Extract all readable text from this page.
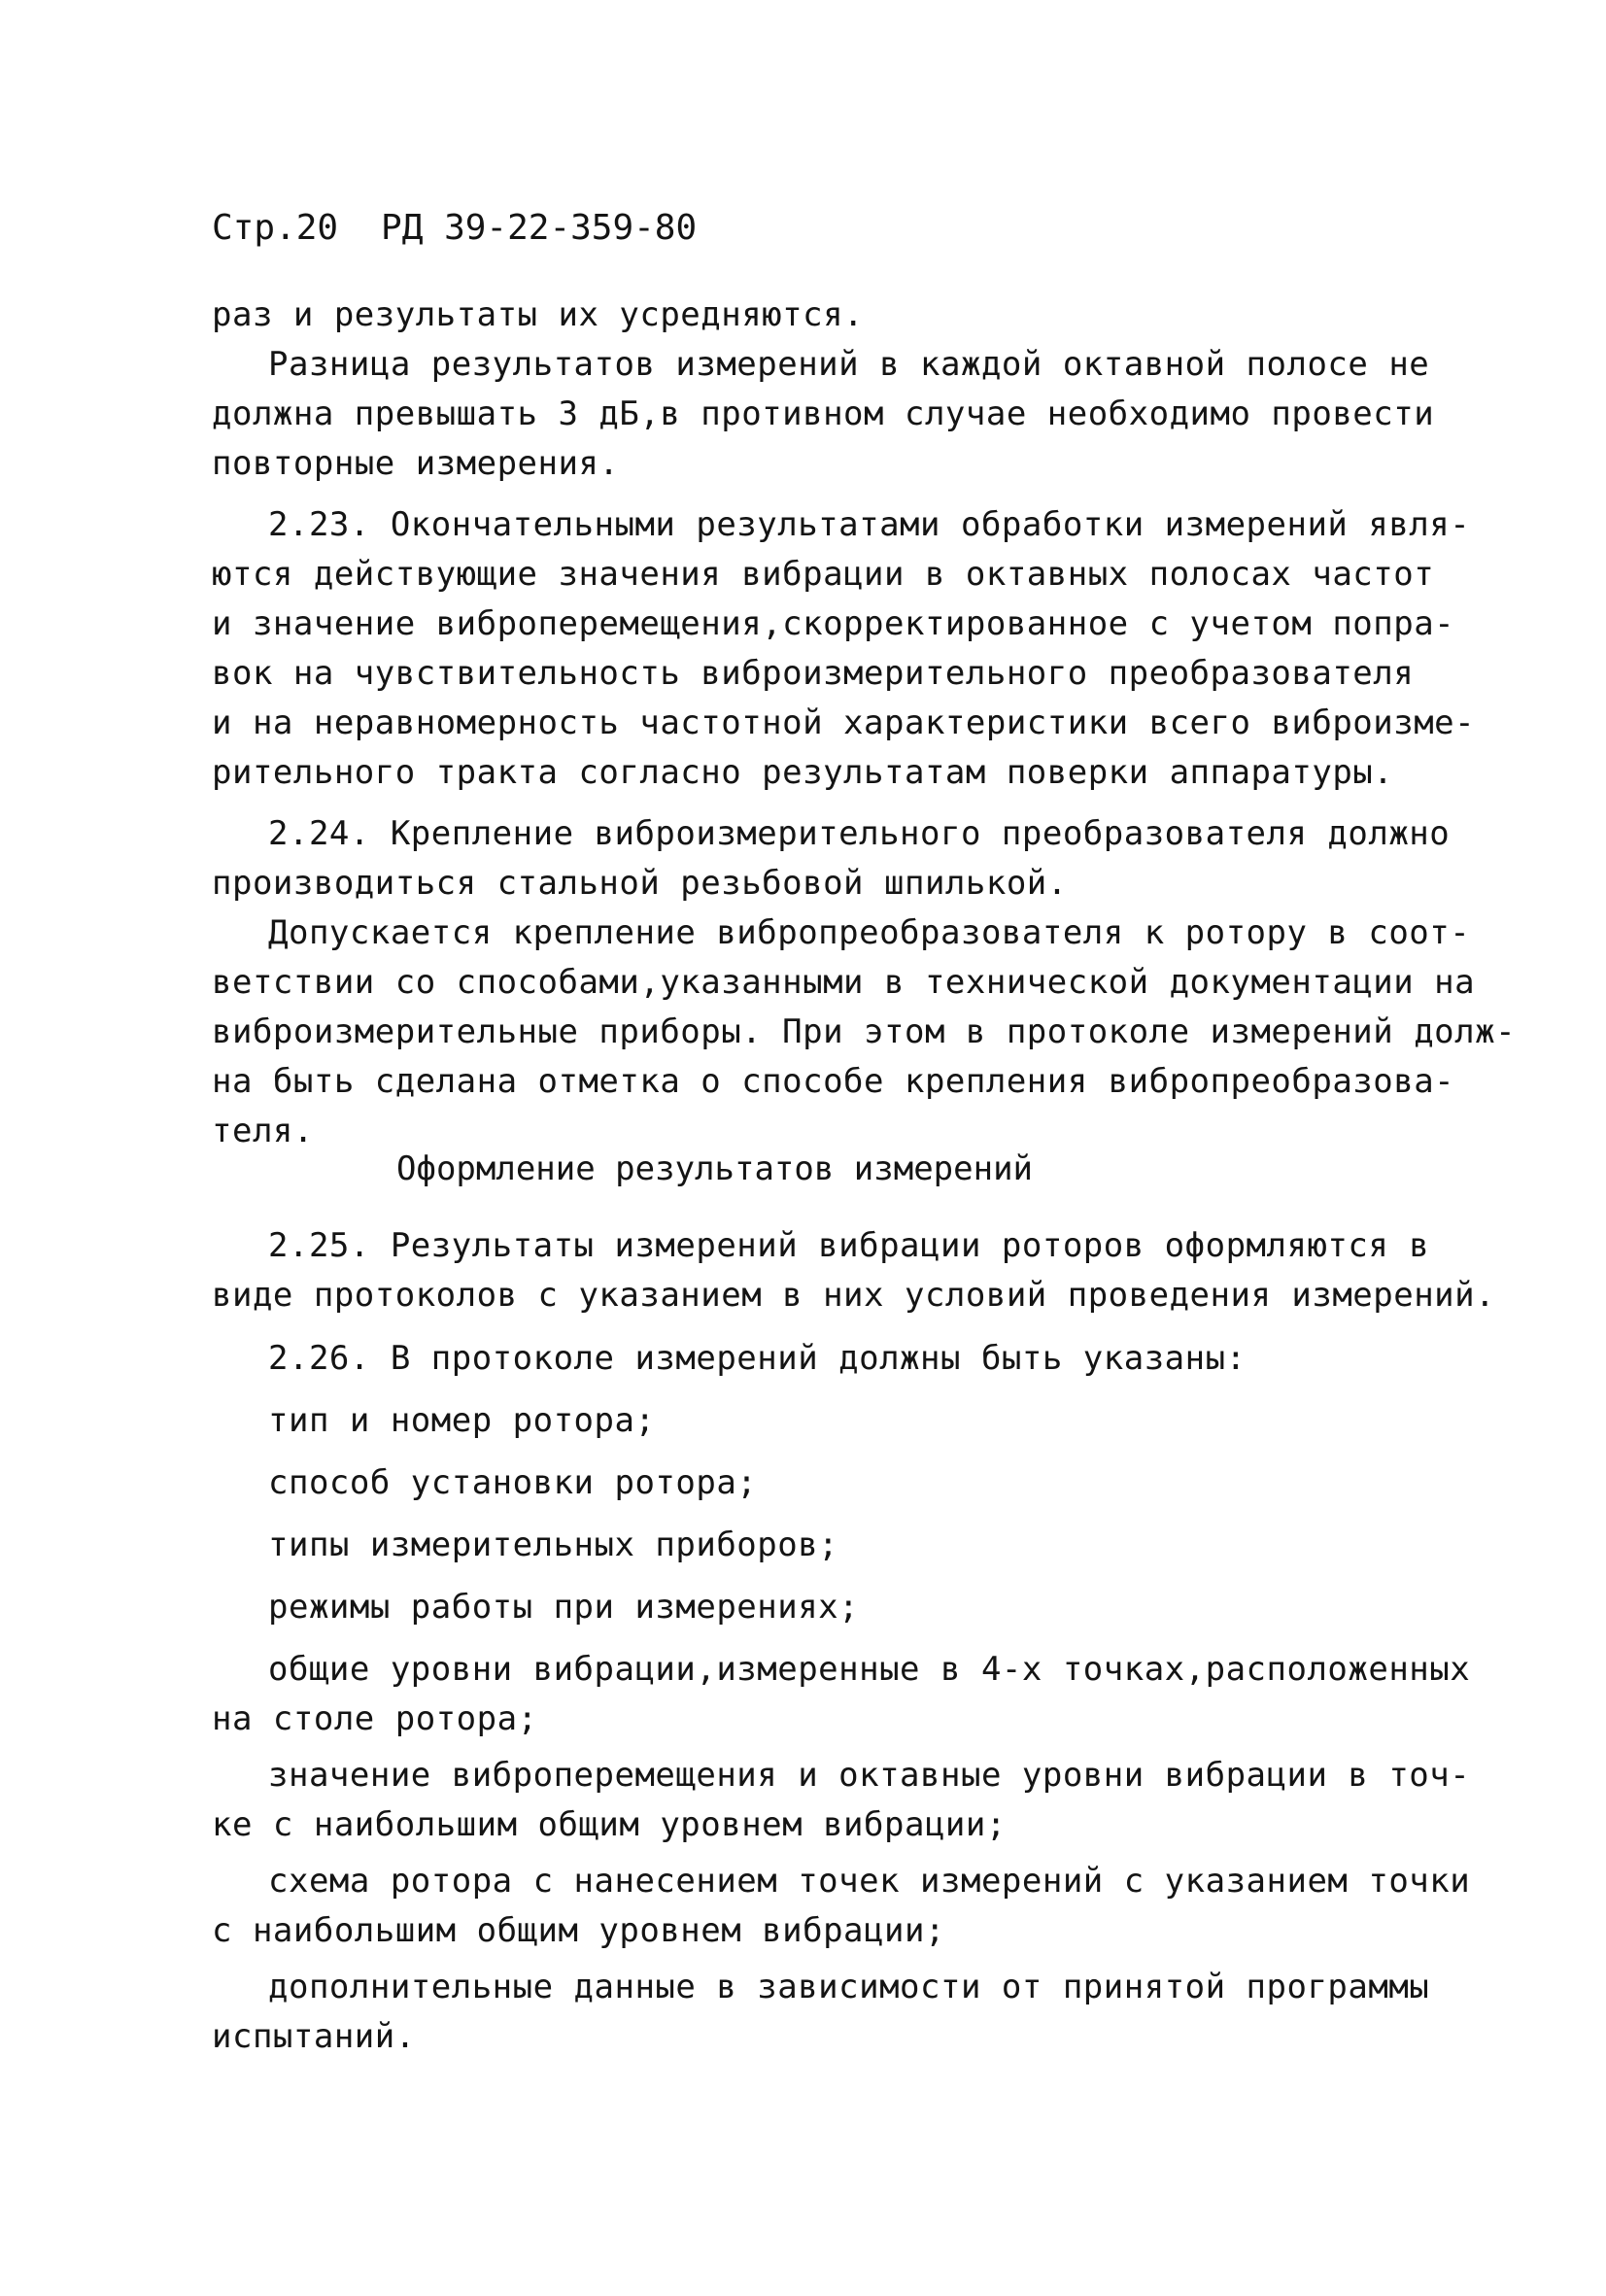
Стр.20 РД 39-22-359-80
раз и результаты их усредняются.
Разница результатов измерений в каждой октавной полосе не
должна превышать 3 дБ,в противном случае необходимо провести
повторные измерения.
2.23. Окончательными результатами обработки измерений явля-
ются действующие значения вибрации в октавных полосах частот
и значение виброперемещения,скорректированное с учетом попра-
вок на чувствительность виброизмерительного преобразователя
и на неравномерность частотной характеристики всего виброизме-
рительного тракта согласно результатам поверки аппаратуры.
2.24. Крепление виброизмерительного преобразователя должно
производиться стальной резьбовой шпилькой.
Допускается крепление вибропреобразователя к ротору в соот-
ветствии со способами,указанными в технической документации на
виброизмерительные приборы. При этом в протоколе измерений долж-
на быть сделана отметка о способе крепления вибропреобразова-
теля.
Оформление результатов измерений
2.25. Результаты измерений вибрации роторов оформляются в
виде протоколов с указанием в них условий проведения измерений.
2.26. В протоколе измерений должны быть указаны:
тип и номер ротора;
способ установки ротора;
типы измерительных приборов;
режимы работы при измерениях;
общие уровни вибрации,измеренные в 4-х точках,расположенных
на столе ротора;
значение виброперемещения и октавные уровни вибрации в точ-
ке с наибольшим общим уровнем вибрации;
схема ротора с нанесением точек измерений с указанием точки
с наибольшим общим уровнем вибрации;
дополнительные данные в зависимости от принятой программы
испытаний.
